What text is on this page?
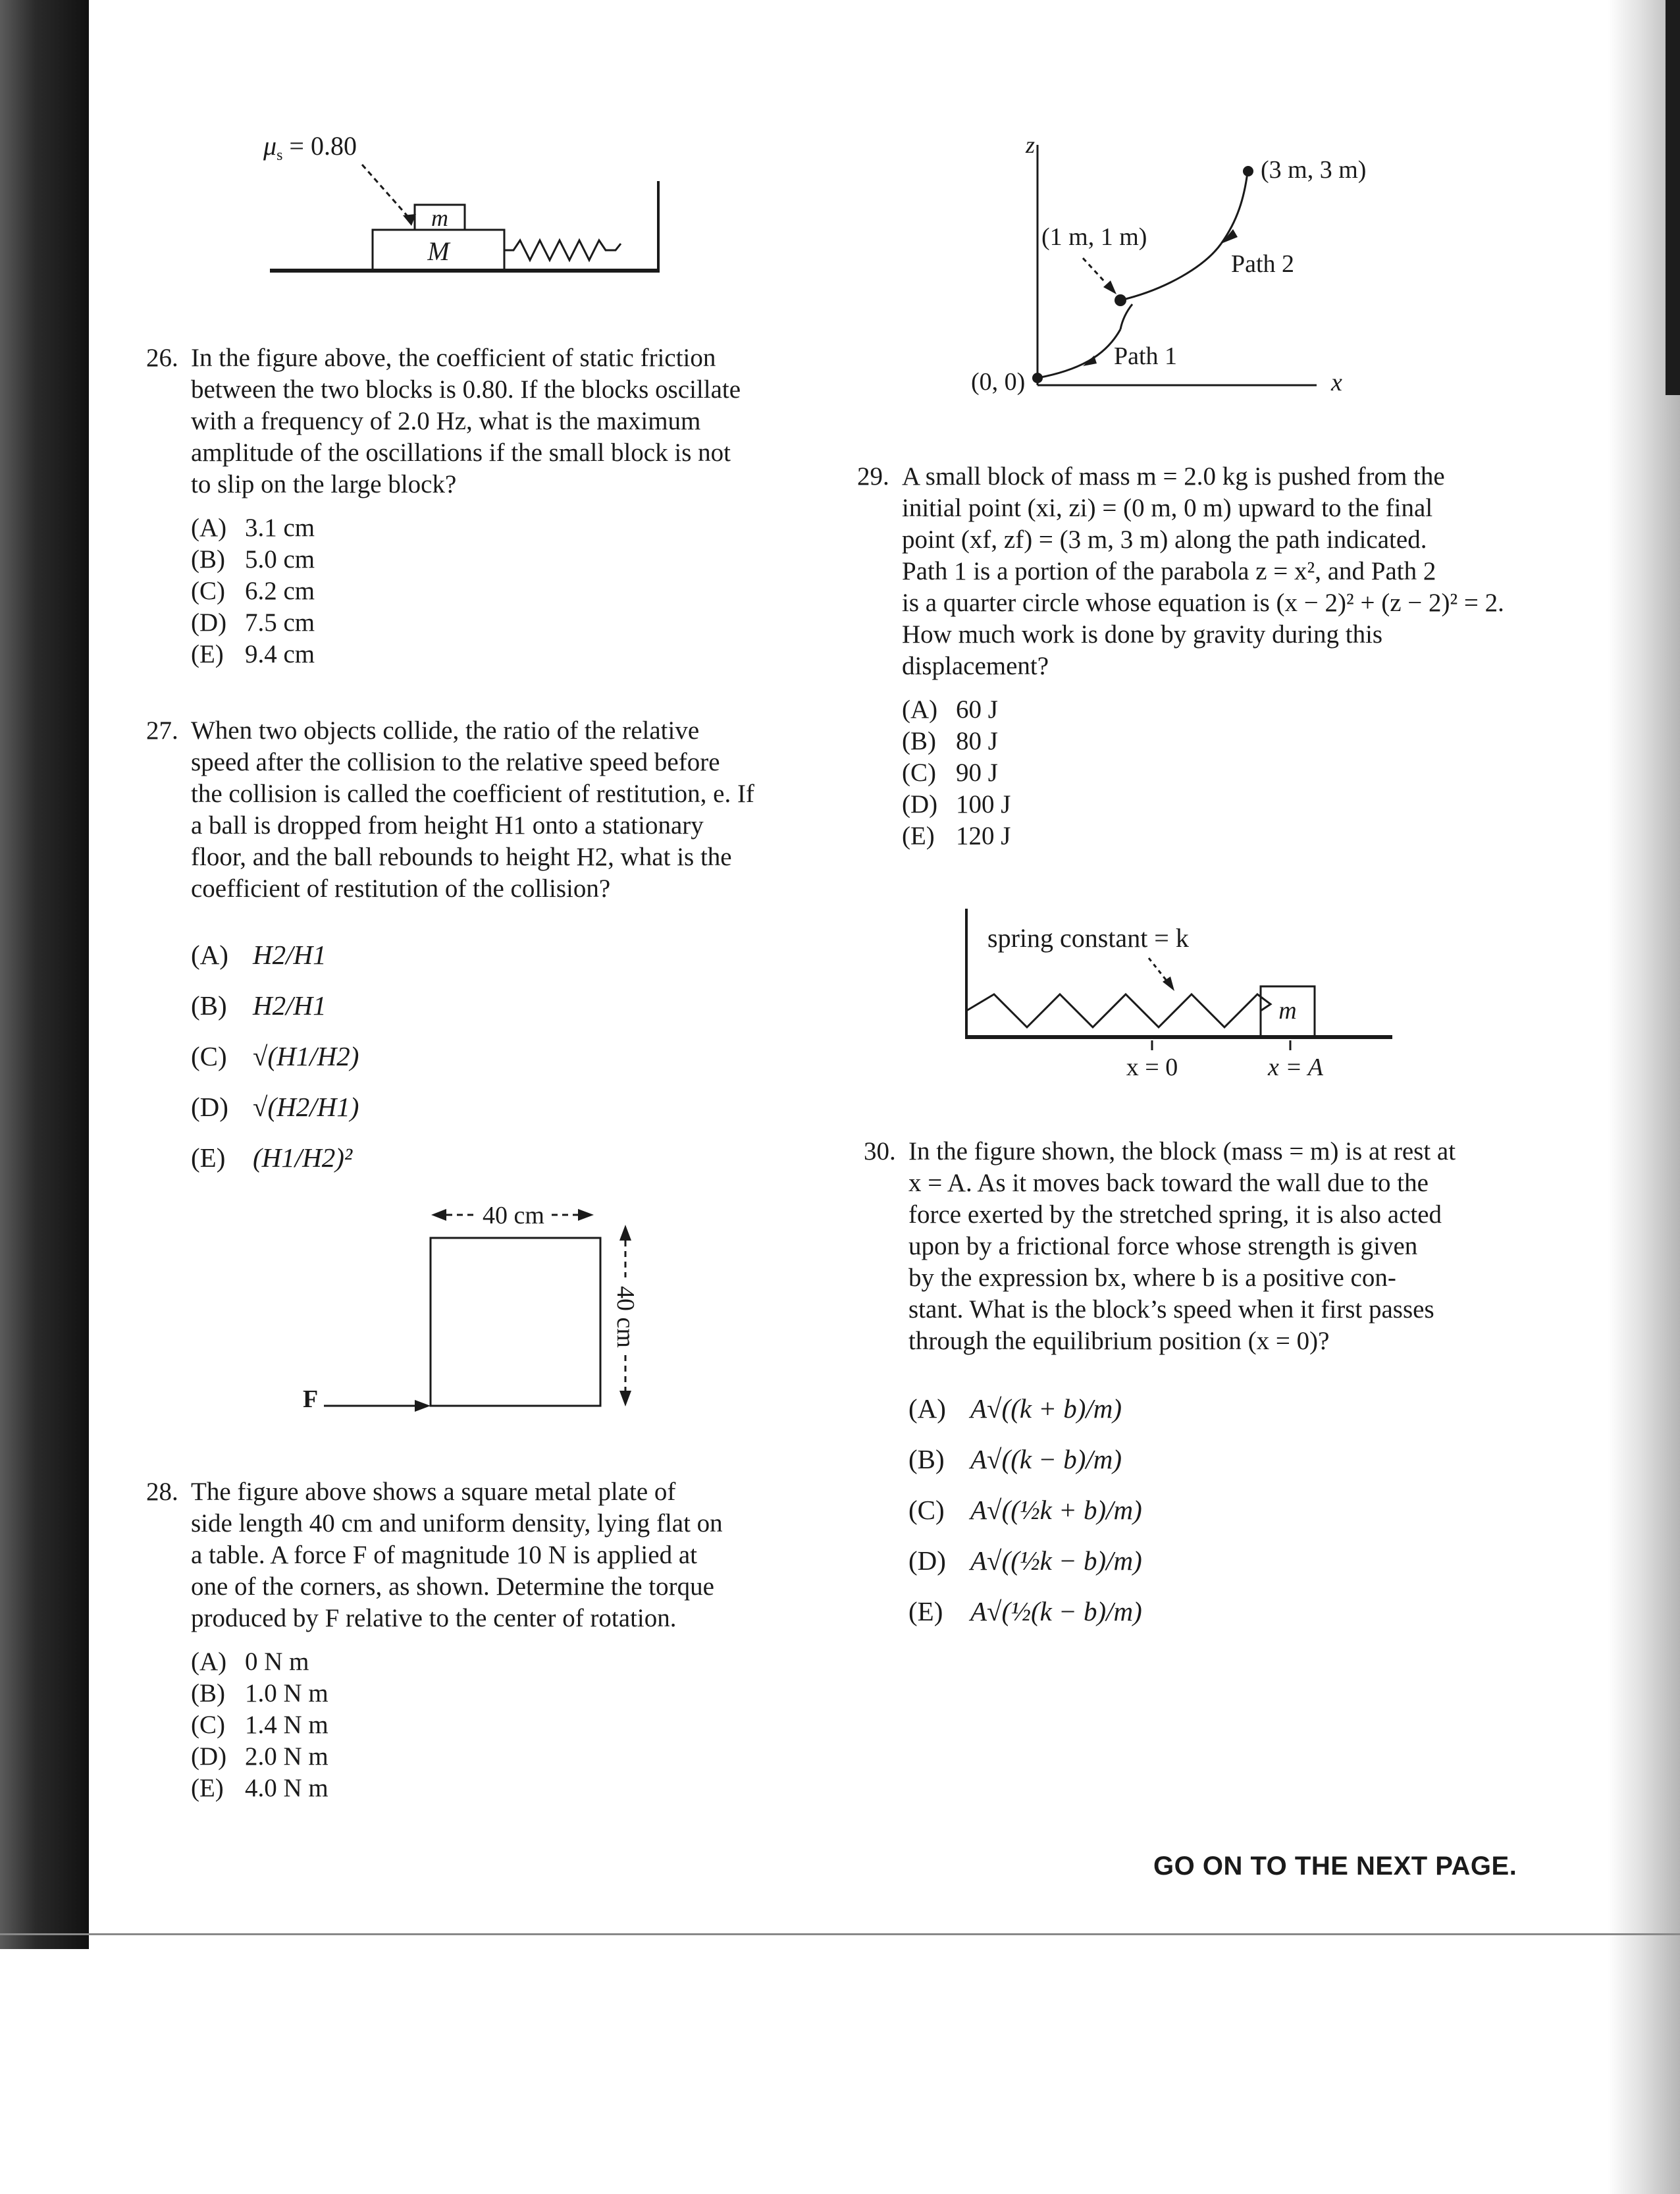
$\mu_s = 0.80$
m
M
26. In the figure above, the coefficient of static friction

between the two blocks is 0.80. If the blocks oscillate

with a frequency of 2.0 Hz, what is the maximum

amplitude of the oscillations if the small block is not

to slip on the large block?

(A) 3.1 cm
(B) 5.0 cm
(C) 6.2 cm
(D) 7.5 cm
(E) 9.4 cm
27. When two objects collide, the ratio of the relative

speed after the collision to the relative speed before

the collision is called the coefficient of restitution, e. If

a ball is dropped from height H1 onto a stationary

floor, and the ball rebounds to height H2, what is the

coefficient of restitution of the collision?

(A) H2/H1
(B) H2/H1
(C) √(H1/H2)
(D) √(H2/H1)
(E)	(H1/H2)²
40 cm
40 cm
F
28. The figure above shows a square metal plate of

side length 40 cm and uniform density, lying flat on

a table. A force F of magnitude 10 N is applied at

one of the corners, as shown. Determine the torque

produced by F relative to the center of rotation.

(A) 0 N m
(B) 1.0 N m
(C) 1.4 N m
(D) 2.0 N m
(E) 4.0 N m
z
x
(0, 0)
Path 1
Path 2
(3 m, 3 m)
(1 m, 1 m)
29. A small block of mass m = 2.0 kg is pushed from the

initial point (xi, zi) = (0 m, 0 m) upward to the final

point (xf, zf) = (3 m, 3 m) along the path indicated.

Path 1 is a portion of the parabola z = x², and Path 2

is a quarter circle whose equation is (x − 2)² + (z − 2)² = 2.

How much work is done by gravity during this

displacement?

(A) 60 J
(B) 80 J
(C) 90 J
(D) 100 J
(E) 120 J
spring constant = k
m
x = 0	x = A
30. In the figure shown, the block (mass = m) is at rest at

x = A. As it moves back toward the wall due to the

force exerted by the stretched spring, it is also acted

upon by a frictional force whose strength is given

by the expression bx, where b is a positive con-

stant. What is the block’s speed when it first passes

through the equilibrium position (x = 0)?

(A) A√((k + b)/m)
(B) A√((k − b)/m)
(C) A√((½k + b)/m)
(D) A√((½k − b)/m)
(E)	A√(½(k − b)/m)
GO ON TO THE NEXT PAGE.
